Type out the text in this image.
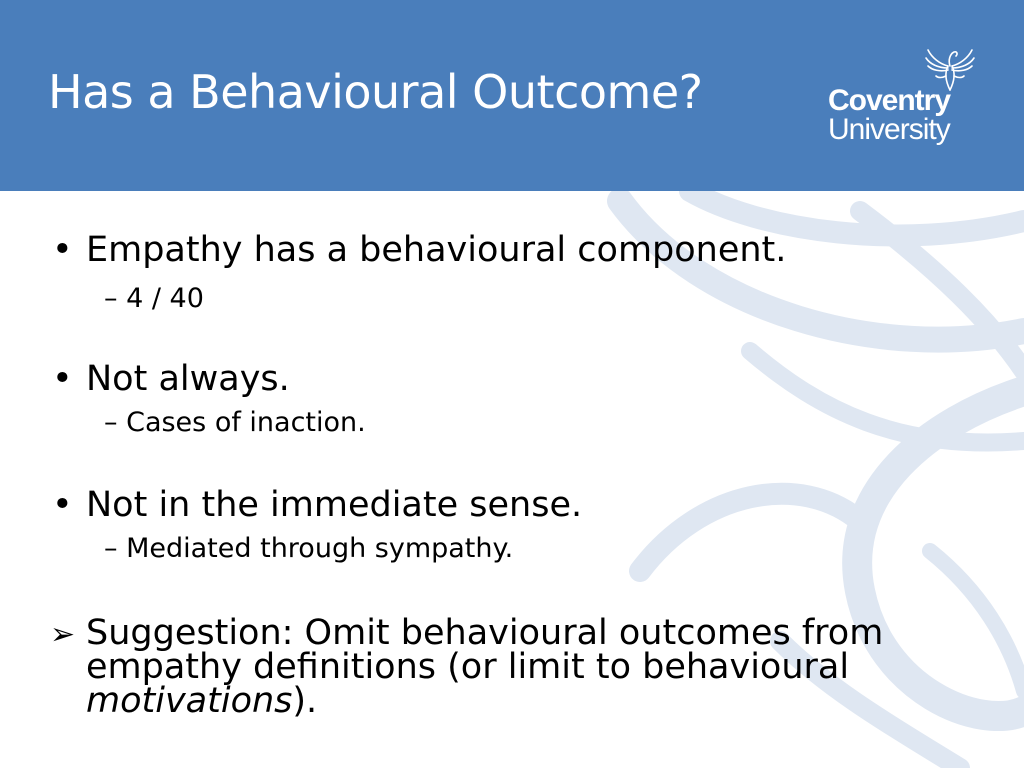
Has a Behavioural Outcome?	Coventry
University
• Empathy has a behavioural component.
– 4 / 40
• Not always.
– Cases of inaction.
• Not in the immediate sense.
– Mediated through sympathy.
➢ Suggestion: Omit behavioural outcomes from
empathy definitions (or limit to behavioural
motivations).
